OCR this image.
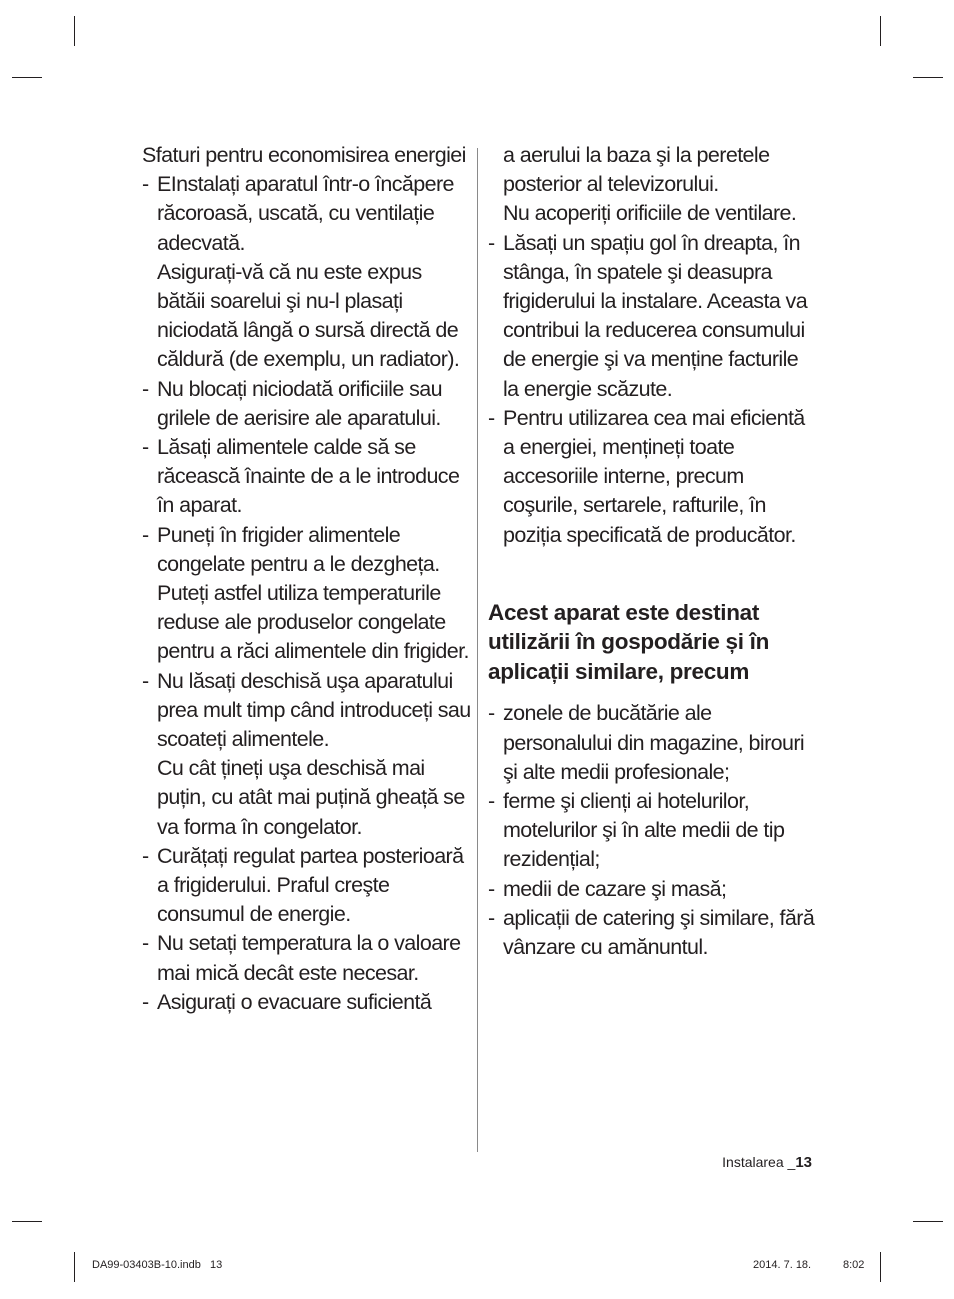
Sfaturi pentru economisirea energiei
- EInstalați aparatul într-o încăpere răcoroasă, uscată, cu ventilație adecvată.
Asigurați-vă că nu este expus bătăii soarelui şi nu-l plasați niciodată lângă o sursă directă de căldură (de exemplu, un radiator).
- Nu blocați niciodată orificiile sau grilele de aerisire ale aparatului.
- Lăsați alimentele calde să se răcească înainte de a le introduce în aparat.
- Puneți în frigider alimentele congelate pentru a le dezgheța.
Puteți astfel utiliza temperaturile reduse ale produselor congelate pentru a răci alimentele din frigider.
- Nu lăsați deschisă uşa aparatului prea mult timp când introduceți sau scoateți alimentele.
Cu cât țineți uşa deschisă mai puțin, cu atât mai puțină gheață se va forma în congelator.
- Curățați regulat partea posterioară a frigiderului. Praful creşte consumul de energie.
- Nu setați temperatura la o valoare mai mică decât este necesar.
- Asigurați o evacuare suficientă
a aerului la baza şi la peretele posterior al televizorului.
Nu acoperiți orificiile de ventilare.
- Lăsați un spațiu gol în dreapta, în stânga, în spatele şi deasupra frigiderului la instalare. Aceasta va contribui la reducerea consumului de energie şi va menține facturile la energie scăzute.
- Pentru utilizarea cea mai eficientă a energiei, mențineți toate accesoriile interne, precum coşurile, sertarele, rafturile, în poziția specificată de producător.
Acest aparat este destinat utilizării în gospodărie și în aplicații similare, precum
- zonele de bucătărie ale personalului din magazine, birouri şi alte medii profesionale;
- ferme şi clienți ai hotelurilor, motelurilor şi în alte medii de tip rezidențial;
- medii de cazare şi masă;
- aplicații de catering şi similare, fără vânzare cu amănuntul.
Instalarea _13
DA99-03403B-10.indb   13	2014. 7. 18.	8:02
